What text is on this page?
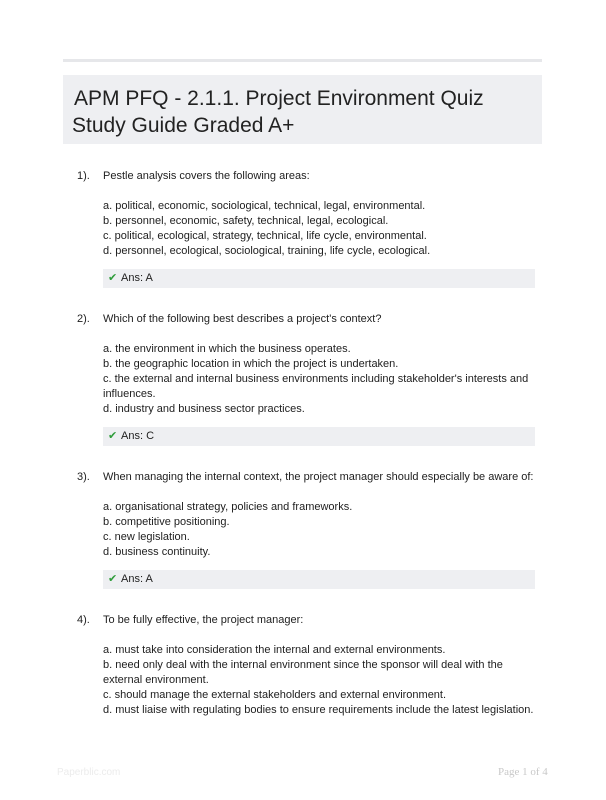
APM PFQ - 2.1.1. Project Environment Quiz
Study Guide Graded A+
1). Pestle analysis covers the following areas:

a. political, economic, sociological, technical, legal, environmental.

b. personnel, economic, safety, technical, legal, ecological.

c. political, ecological, strategy, technical, life cycle, environmental.

d. personnel, ecological, sociological, training, life cycle, ecological.

✔ Ans: A
2). Which of the following best describes a project's context?

a. the environment in which the business operates.

b. the geographic location in which the project is undertaken.

c. the external and internal business environments including stakeholder's interests and influences.

d. industry and business sector practices.

✔ Ans: C
3). When managing the internal context, the project manager should especially be aware of:

a. organisational strategy, policies and frameworks.

b. competitive positioning.

c. new legislation.

d. business continuity.

✔ Ans: A
4). To be fully effective, the project manager:

a. must take into consideration the internal and external environments.

b. need only deal with the internal environment since the sponsor will deal with the external environment.

c. should manage the external stakeholders and external environment.

d. must liaise with regulating bodies to ensure requirements include the latest legislation.

Paperblic.com	Page 1 of 4
